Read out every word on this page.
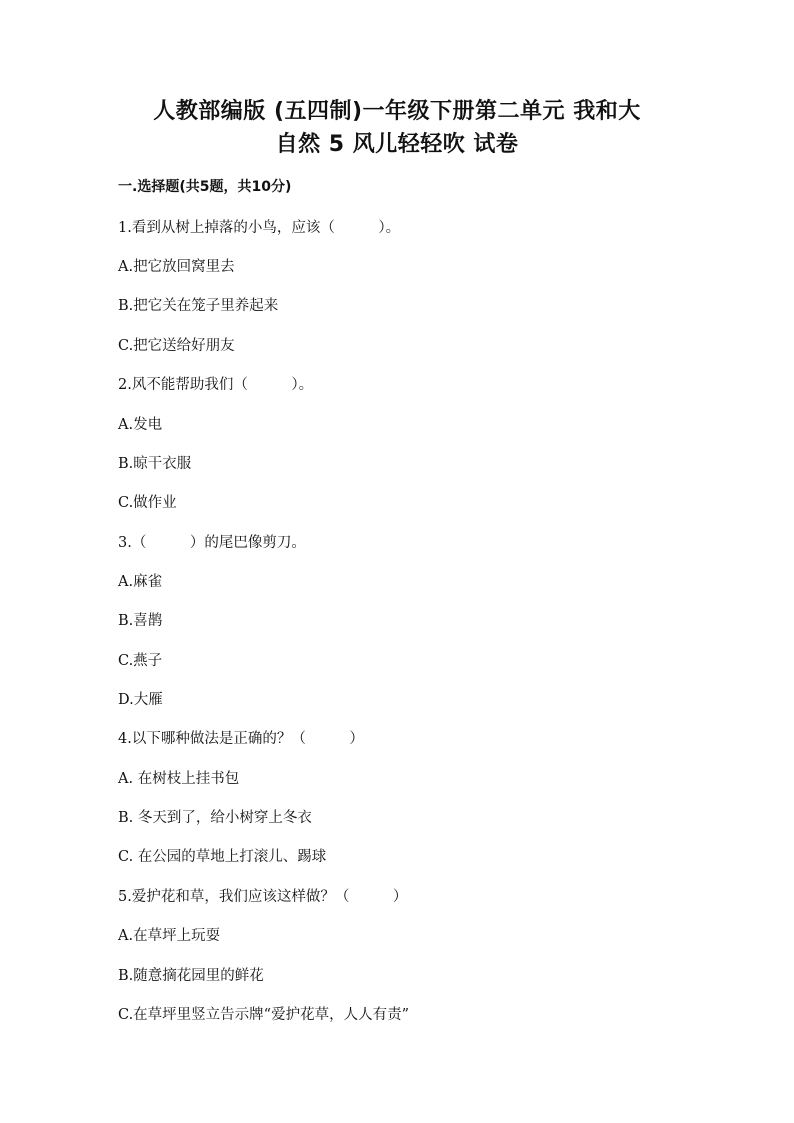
人教部编版 (五四制)一年级下册第二单元 我和大
自然 5 风儿轻轻吹 试卷
一.选择题(共5题，共10分)
1.看到从树上掉落的小鸟，应该（　　　）。
A.把它放回窝里去
B.把它关在笼子里养起来
C.把它送给好朋友
2.风不能帮助我们（　　　）。
A.发电
B.晾干衣服
C.做作业
3.（　　　）的尾巴像剪刀。
A.麻雀
B.喜鹊
C.燕子
D.大雁
4.以下哪种做法是正确的？（　　　）
A. 在树枝上挂书包
B. 冬天到了，给小树穿上冬衣
C. 在公园的草地上打滚儿、踢球
5.爱护花和草，我们应该这样做？（　　　）
A.在草坪上玩耍
B.随意摘花园里的鲜花
C.在草坪里竖立告示牌“爱护花草，人人有责”
